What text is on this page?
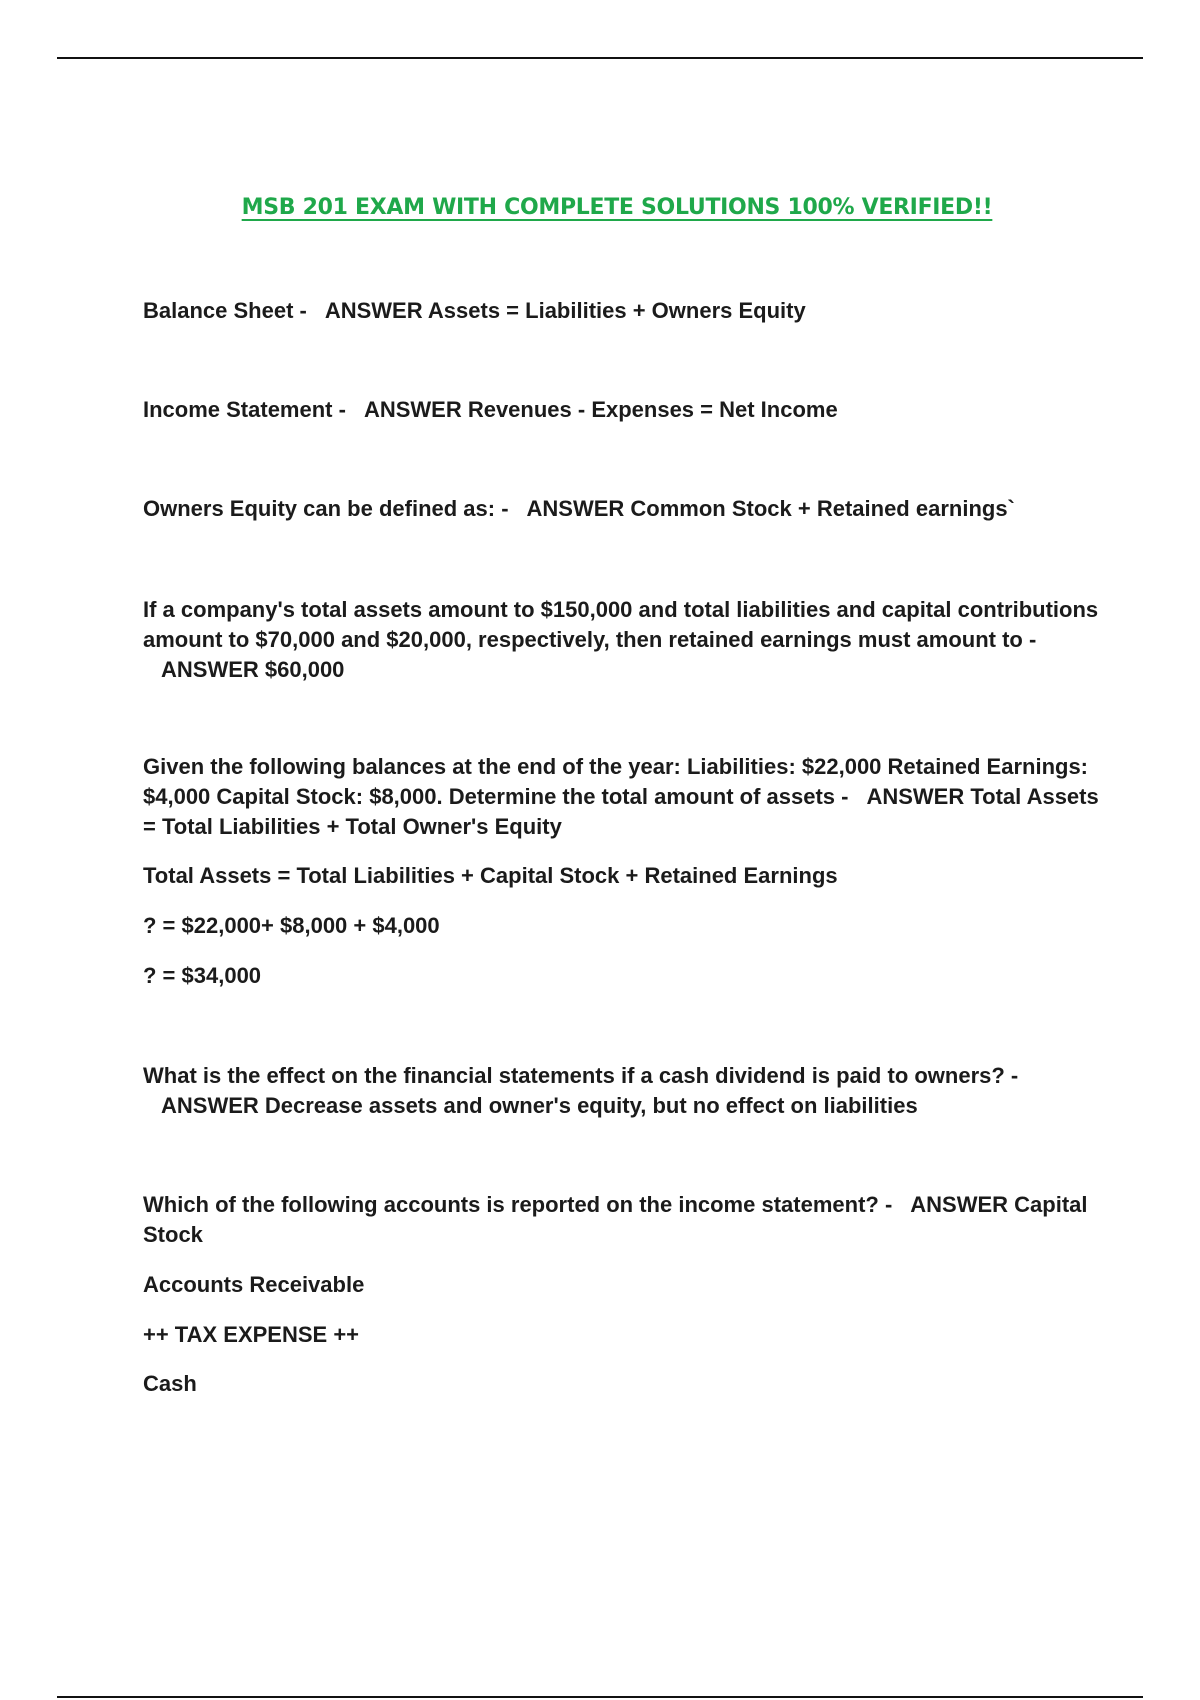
MSB 201 EXAM WITH COMPLETE SOLUTIONS 100% VERIFIED!!

Balance Sheet - ANSWER Assets = Liabilities + Owners Equity

Income Statement - ANSWER Revenues - Expenses = Net Income

Owners Equity can be defined as: - ANSWER Common Stock + Retained earnings`

If a company's total assets amount to $150,000 and total liabilities and capital contributions amount to $70,000 and $20,000, respectively, then retained earnings must amount to -ANSWER $60,000

Given the following balances at the end of the year: Liabilities: $22,000 Retained Earnings: $4,000 Capital Stock: $8,000. Determine the total amount of assets - ANSWER Total Assets = Total Liabilities + Total Owner's Equity

Total Assets = Total Liabilities + Capital Stock + Retained Earnings

? = $22,000+ $8,000 + $4,000

? = $34,000

What is the effect on the financial statements if a cash dividend is paid to owners? -ANSWER Decrease assets and owner's equity, but no effect on liabilities

Which of the following accounts is reported on the income statement? - ANSWER Capital Stock

Accounts Receivable

++ TAX EXPENSE ++

Cash
